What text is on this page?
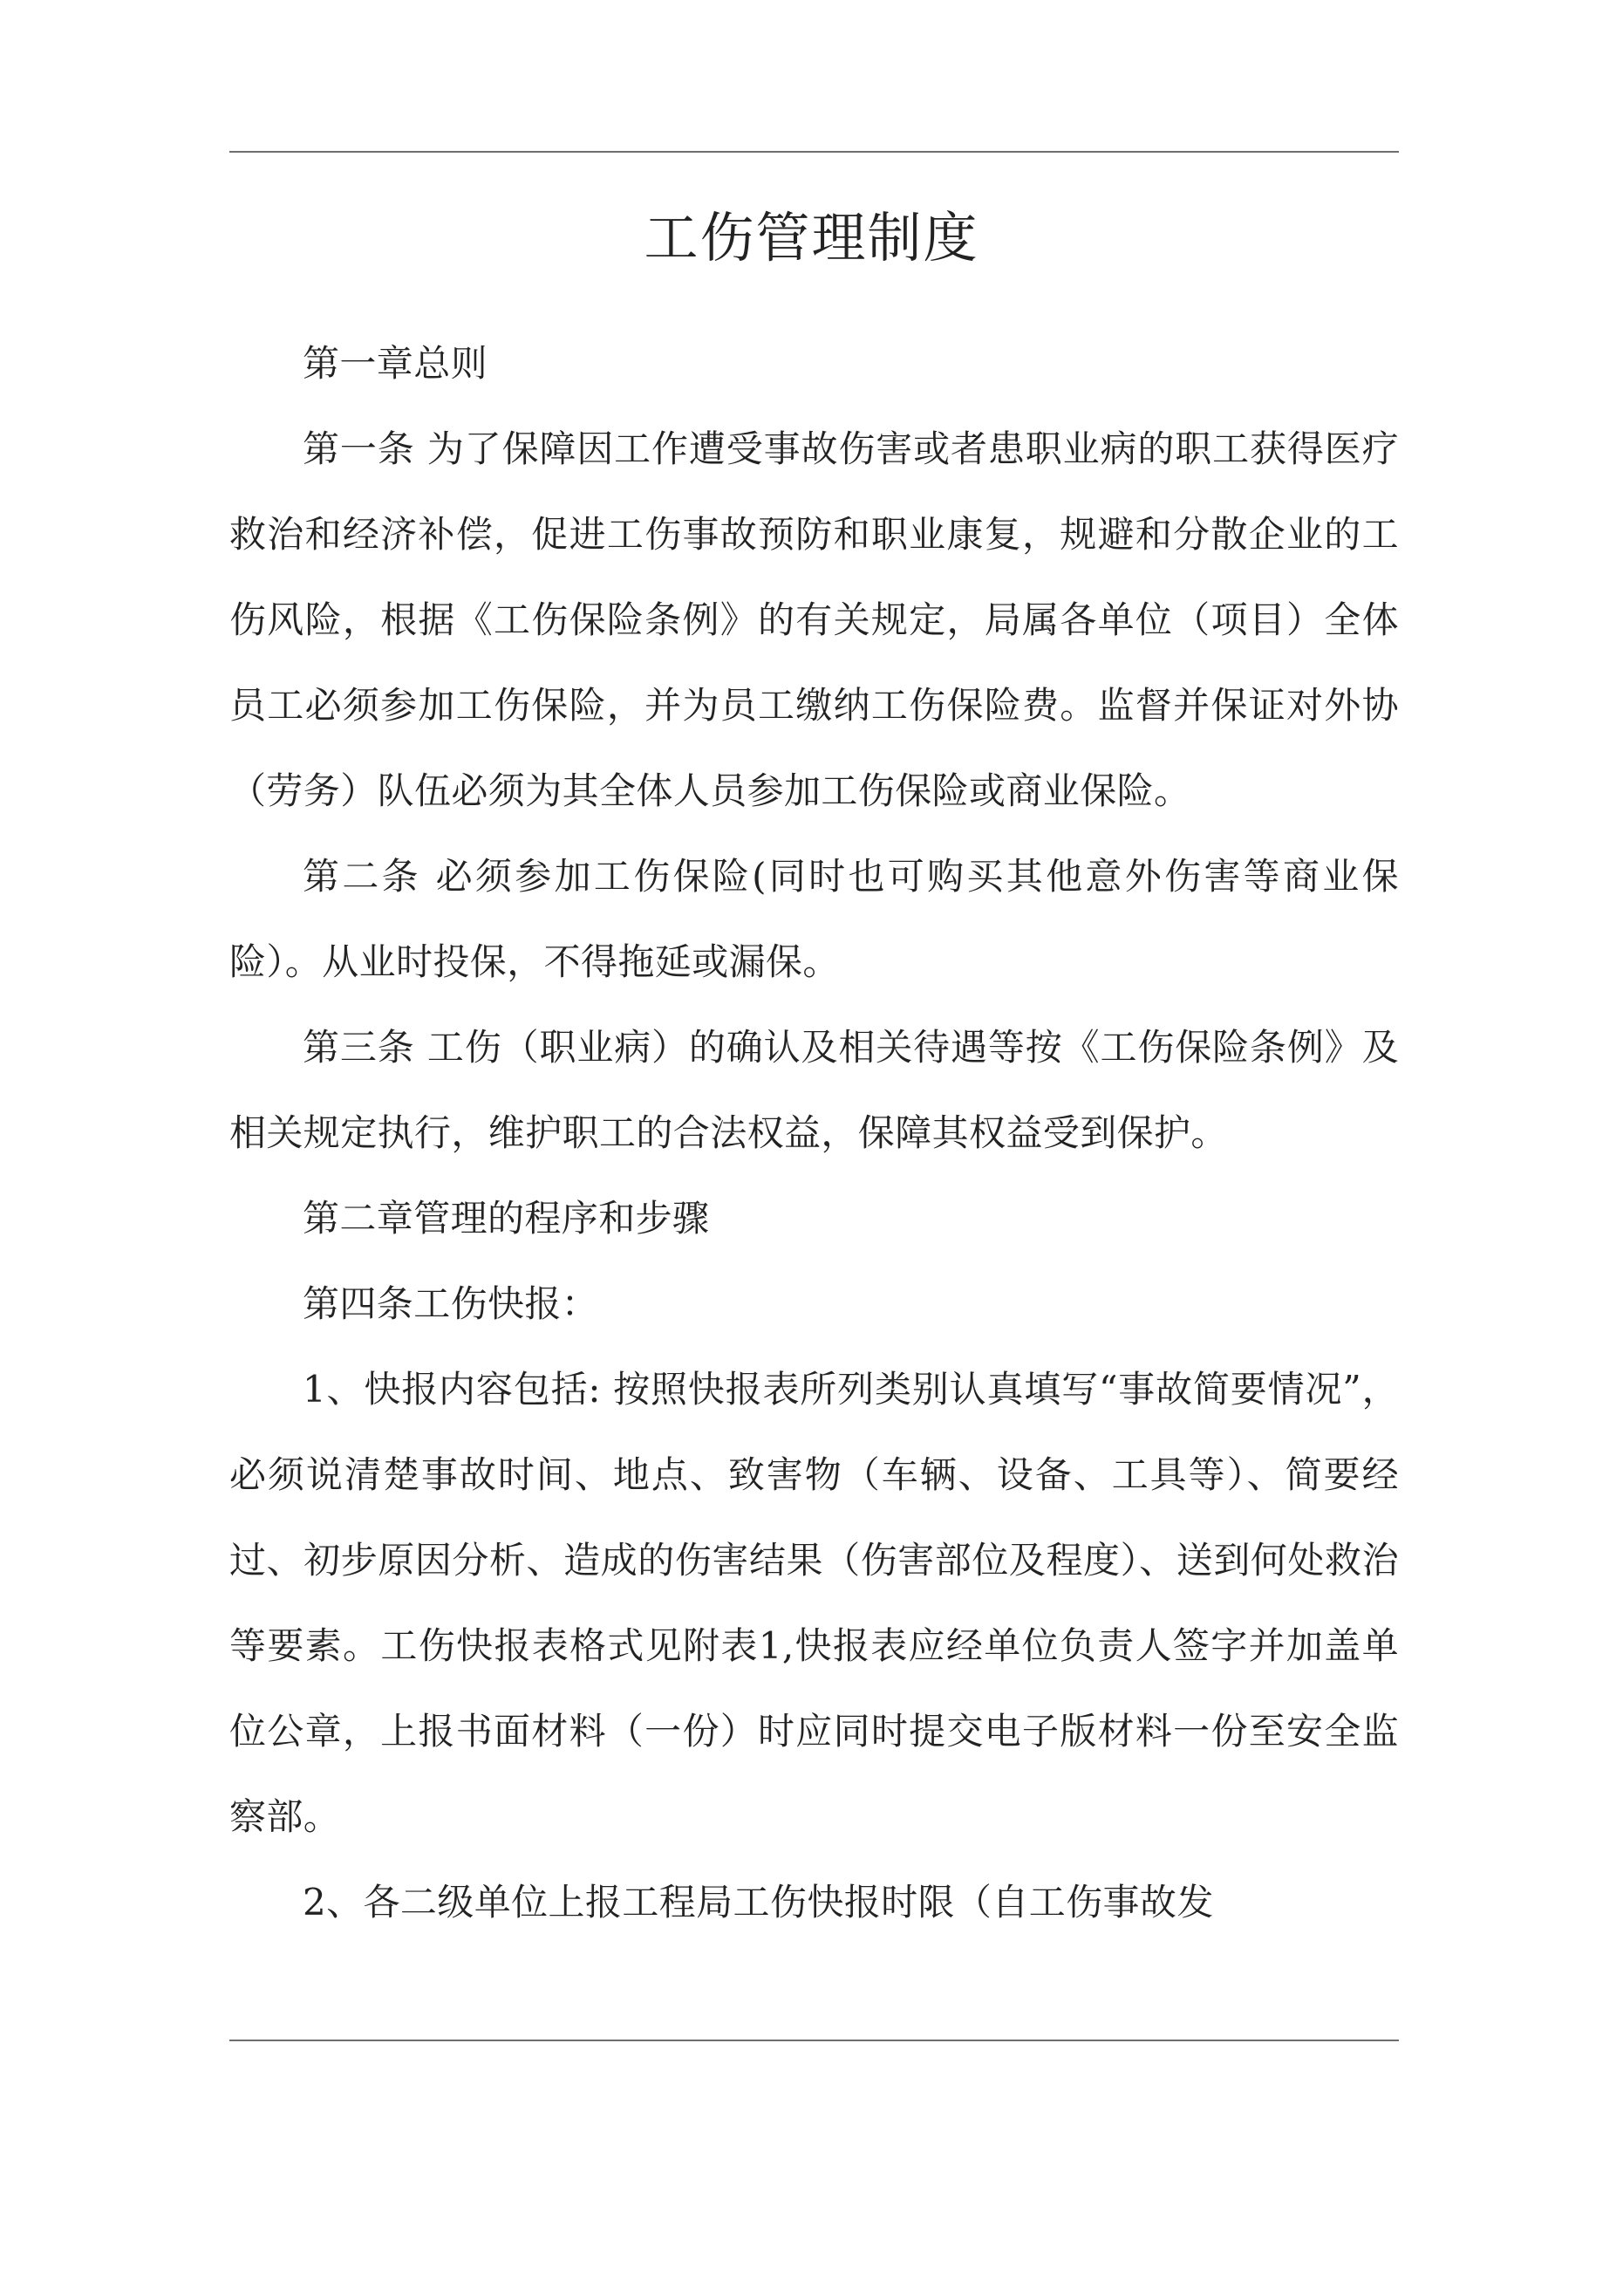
工伤管理制度

第一章总则

第一条 为了保障因工作遭受事故伤害或者患职业病的职工获得医疗救治和经济补偿，促进工伤事故预防和职业康复，规避和分散企业的工伤风险，根据《工伤保险条例》的有关规定，局属各单位（项目）全体员工必须参加工伤保险，并为员工缴纳工伤保险费。监督并保证对外协（劳务）队伍必须为其全体人员参加工伤保险或商业保险。

第二条 必须参加工伤保险(同时也可购买其他意外伤害等商业保险）。从业时投保，不得拖延或漏保。

第三条 工伤（职业病）的确认及相关待遇等按《工伤保险条例》及相关规定执行，维护职工的合法权益，保障其权益受到保护。

第二章管理的程序和步骤

第四条工伤快报：

1、快报内容包括: 按照快报表所列类别认真填写“事故简要情况”，必须说清楚事故时间、地点、致害物（车辆、设备、工具等）、简要经过、初步原因分析、造成的伤害结果（伤害部位及程度）、送到何处救治等要素。工伤快报表格式见附表1,快报表应经单位负责人签字并加盖单位公章，上报书面材料（一份）时应同时提交电子版材料一份至安全监察部。

2、各二级单位上报工程局工伤快报时限（自工伤事故发
